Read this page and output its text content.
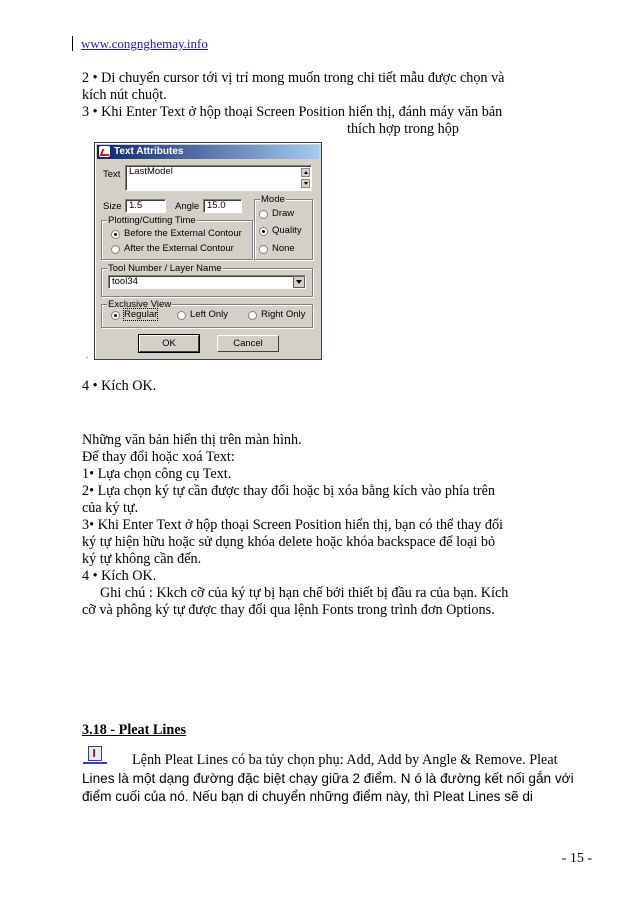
www.congnghemay.info
2 • Di chuyển cursor tới vị trí mong muốn trong chi tiết mẫu được chọn và
kích nút chuột.
3 • Khi Enter Text ở hộp thoại Screen Position hiển thị, đánh máy văn bản
thích hợp trong hộp
Text Attributes
Text LastModel
Size 1.5	Angle 15.0
Plotting/Cutting Time
Before the External Contour
After the External Contour
Mode
Draw
Quality
None
Tool Number / Layer Name
tool34
Exclusive View
Regular	Left Only	Right Only
OK	Cancel
.
4 • Kích OK.
Những văn bản hiển thị trên màn hình.
Để thay đổi hoặc xoá Text:
1• Lựa chọn công cụ Text.
2• Lựa chọn ký tự cần được thay đổi hoặc bị xóa bằng kích vào phía trên
của ký tự.
3• Khi Enter Text ở hộp thoại Screen Position hiển thị, bạn có thể thay đổi
ký tự hiện hữu hoặc sử dụng khóa delete hoặc khóa backspace để loại bỏ
ký tự không cần đến.
4 • Kích OK.
Ghi chú : Kkch cỡ của ký tự bị hạn chế bởi thiết bị đầu ra của bạn. Kích
cỡ và phông ký tự được thay đổi qua lệnh Fonts trong trình đơn Options.
3.18 - Pleat Lines
Lệnh Pleat Lines có ba tủy chọn phụ: Add, Add by Angle & Remove. Pleat
Lines là một dạng đường đặc biệt chạy giữa 2 điểm. N ó là đường kết nối gắn với
điểm cuối của nó. Nếu bạn di chuyển những điểm này, thì Pleat Lines sẽ di
- 15 -
